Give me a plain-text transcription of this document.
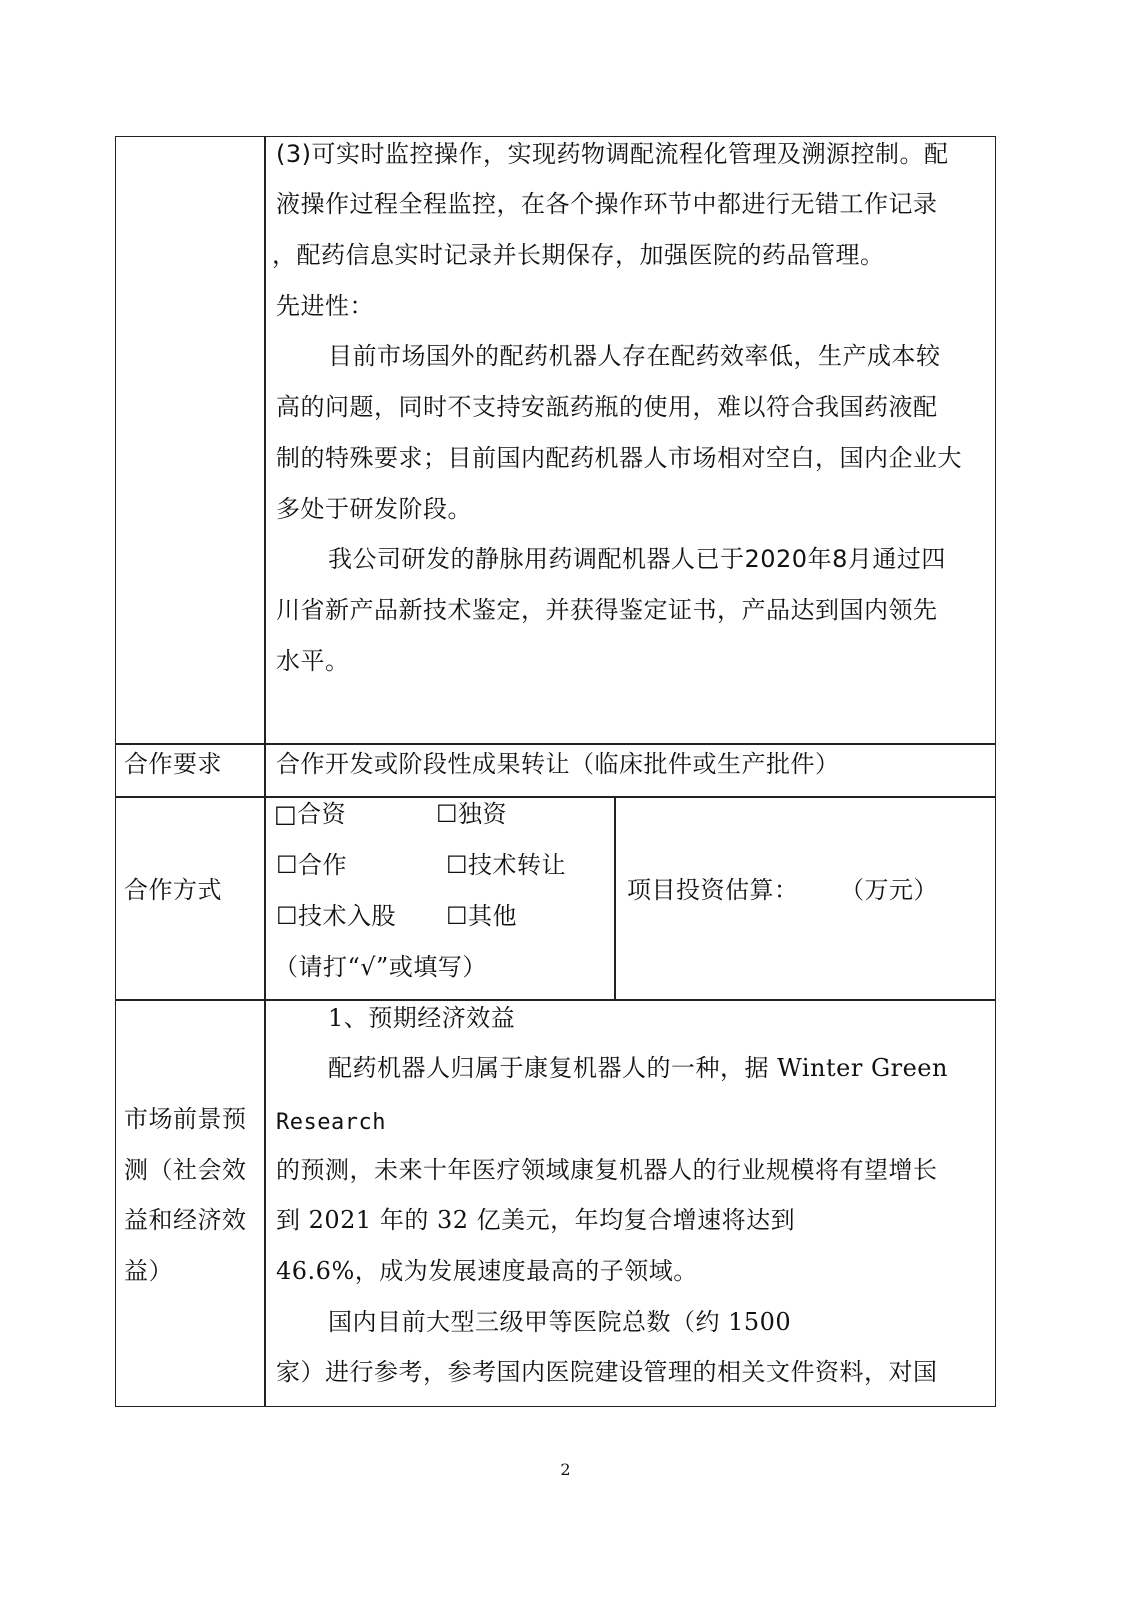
(3)可实时监控操作，实现药物调配流程化管理及溯源控制。配
液操作过程全程监控，在各个操作环节中都进行无错工作记录
，配药信息实时记录并长期保存，加强医院的药品管理。
先进性：
目前市场国外的配药机器人存在配药效率低，生产成本较
高的问题，同时不支持安瓿药瓶的使用，难以符合我国药液配
制的特殊要求；目前国内配药机器人市场相对空白，国内企业大
多处于研发阶段。
我公司研发的静脉用药调配机器人已于2020年8月通过四
川省新产品新技术鉴定，并获得鉴定证书，产品达到国内领先
水平。
合作要求 合作开发或阶段性成果转让（临床批件或生产批件）
合作方式
□合资	☐独资
☐合作	☐技术转让
☐技术入股 ☐其他
（请打“√”或填写）
项目投资估算： （万元）
市场前景预
测（社会效
益和经济效
益）
1、预期经济效益
配药机器人归属于康复机器人的一种，据 Winter Green
Research
的预测，未来十年医疗领域康复机器人的行业规模将有望增长
到 2021 年的 32 亿美元，年均复合增速将达到
46.6%，成为发展速度最高的子领域。
国内目前大型三级甲等医院总数（约 1500
家）进行参考，参考国内医院建设管理的相关文件资料，对国
2
